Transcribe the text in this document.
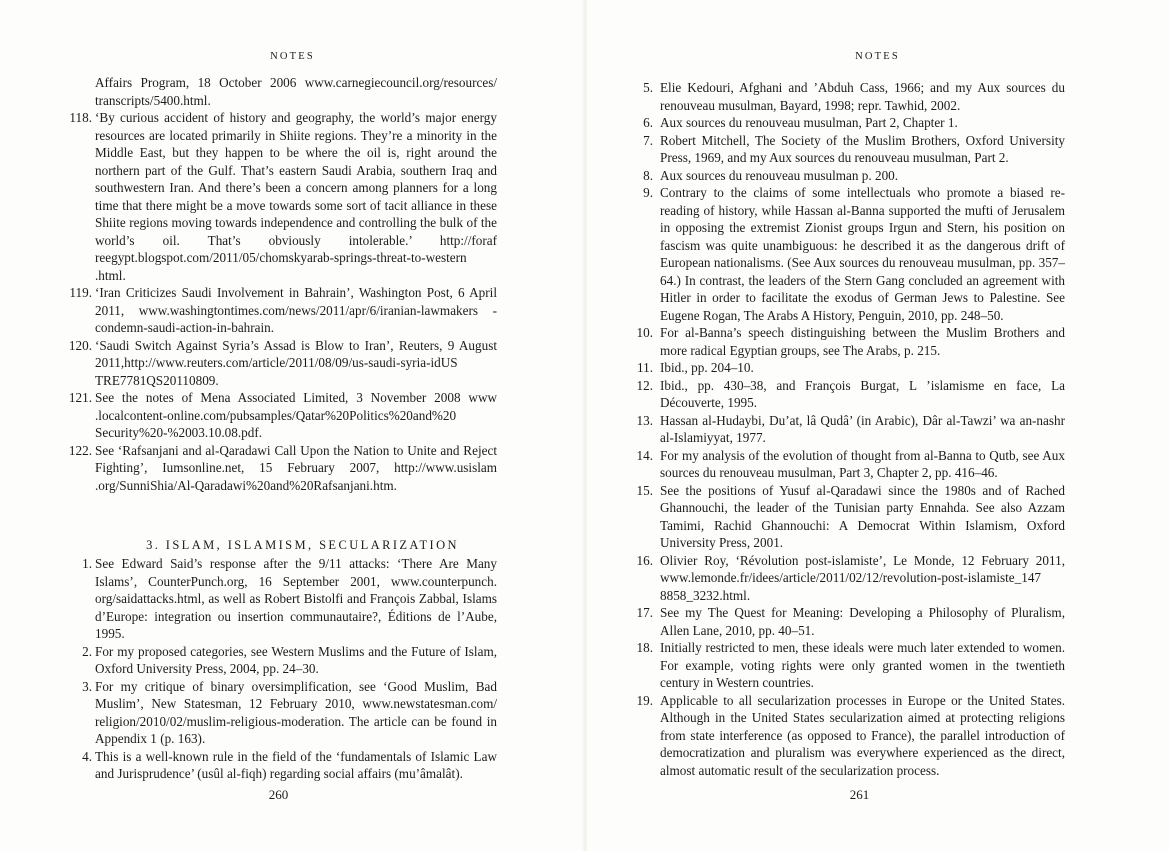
NOTES
Affairs Program, 18 October 2006 www.carnegiecouncil.org/resources/ transcripts/5400.html.
118. ‘By curious accident of history and geography, the world’s major energy resources are located primarily in Shiite regions. They’re a minority in the Middle East, but they happen to be where the oil is, right around the northern part of the Gulf. That’s eastern Saudi Arabia, southern Iraq and southwestern Iran. And there’s been a concern among planners for a long time that there might be a move towards some sort of tacit alliance in these Shiite regions moving towards independence and controlling the bulk of the world’s oil. That’s obviously intolerable.’ http://foraf reegypt.blogspot.com/2011/05/chomskyarab-springs-threat-to-western .html.
119. ‘Iran Criticizes Saudi Involvement in Bahrain’, Washington Post, 6 April 2011, www.washingtontimes.com/news/2011/apr/6/iranian-lawmakers -condemn-saudi-action-in-bahrain.
120. ‘Saudi Switch Against Syria’s Assad is Blow to Iran’, Reuters, 9 August 2011,http://www.reuters.com/article/2011/08/09/us-saudi-syria-idUS TRE7781QS20110809.
121. See the notes of Mena Associated Limited, 3 November 2008 www .localcontent-online.com/pubsamples/Qatar%20Politics%20and%20 Security%20-%2003.10.08.pdf.
122. See ‘Rafsanjani and al-Qaradawi Call Upon the Nation to Unite and Reject Fighting’, Iumsonline.net, 15 February 2007, http://www.usislam .org/SunniShia/Al-Qaradawi%20and%20Rafsanjani.htm.
3. ISLAM, ISLAMISM, SECULARIZATION
1. See Edward Said’s response after the 9/11 attacks: ‘There Are Many Islams’, CounterPunch.org, 16 September 2001, www.counterpunch. org/saidattacks.html, as well as Robert Bistolfi and François Zabbal, Islams d’Europe: integration ou insertion communautaire?, Éditions de l’Aube, 1995.
2. For my proposed categories, see Western Muslims and the Future of Islam, Oxford University Press, 2004, pp. 24–30.
3. For my critique of binary oversimplification, see ‘Good Muslim, Bad Muslim’, New Statesman, 12 February 2010, www.newstatesman.com/ religion/2010/02/muslim-religious-moderation. The article can be found in Appendix 1 (p. 163).
4. This is a well-known rule in the field of the ‘fundamentals of Islamic Law and Jurisprudence’ (usûl al-fiqh) regarding social affairs (mu’âmalât).
260
NOTES
5. Elie Kedouri, Afghani and ’Abduh Cass, 1966; and my Aux sources du renouveau musulman, Bayard, 1998; repr. Tawhid, 2002.
6. Aux sources du renouveau musulman, Part 2, Chapter 1.
7. Robert Mitchell, The Society of the Muslim Brothers, Oxford University Press, 1969, and my Aux sources du renouveau musulman, Part 2.
8. Aux sources du renouveau musulman p. 200.
9. Contrary to the claims of some intellectuals who promote a biased re-reading of history, while Hassan al-Banna supported the mufti of Jerusalem in opposing the extremist Zionist groups Irgun and Stern, his position on fascism was quite unambiguous: he described it as the dangerous drift of European nationalisms. (See Aux sources du renouveau musulman, pp. 357–64.) In contrast, the leaders of the Stern Gang concluded an agreement with Hitler in order to facilitate the exodus of German Jews to Palestine. See Eugene Rogan, The Arabs A History, Penguin, 2010, pp. 248–50.
10. For al-Banna’s speech distinguishing between the Muslim Brothers and more radical Egyptian groups, see The Arabs, p. 215.
11. Ibid., pp. 204–10.
12. Ibid., pp. 430–38, and François Burgat, L ’islamisme en face, La Découverte, 1995.
13. Hassan al-Hudaybi, Du’at, lâ Qudâ’ (in Arabic), Dâr al-Tawzi’ wa an-nashr al-Islamiyyat, 1977.
14. For my analysis of the evolution of thought from al-Banna to Qutb, see Aux sources du renouveau musulman, Part 3, Chapter 2, pp. 416–46.
15. See the positions of Yusuf al-Qaradawi since the 1980s and of Rached Ghannouchi, the leader of the Tunisian party Ennahda. See also Azzam Tamimi, Rachid Ghannouchi: A Democrat Within Islamism, Oxford University Press, 2001.
16. Olivier Roy, ‘Révolution post-islamiste’, Le Monde, 12 February 2011, www.lemonde.fr/idees/article/2011/02/12/revolution-post-islamiste_147 8858_3232.html.
17. See my The Quest for Meaning: Developing a Philosophy of Pluralism, Allen Lane, 2010, pp. 40–51.
18. Initially restricted to men, these ideals were much later extended to women. For example, voting rights were only granted women in the twentieth century in Western countries.
19. Applicable to all secularization processes in Europe or the United States. Although in the United States secularization aimed at protecting religions from state interference (as opposed to France), the parallel introduction of democratization and pluralism was everywhere experienced as the direct, almost automatic result of the secularization process.
261
